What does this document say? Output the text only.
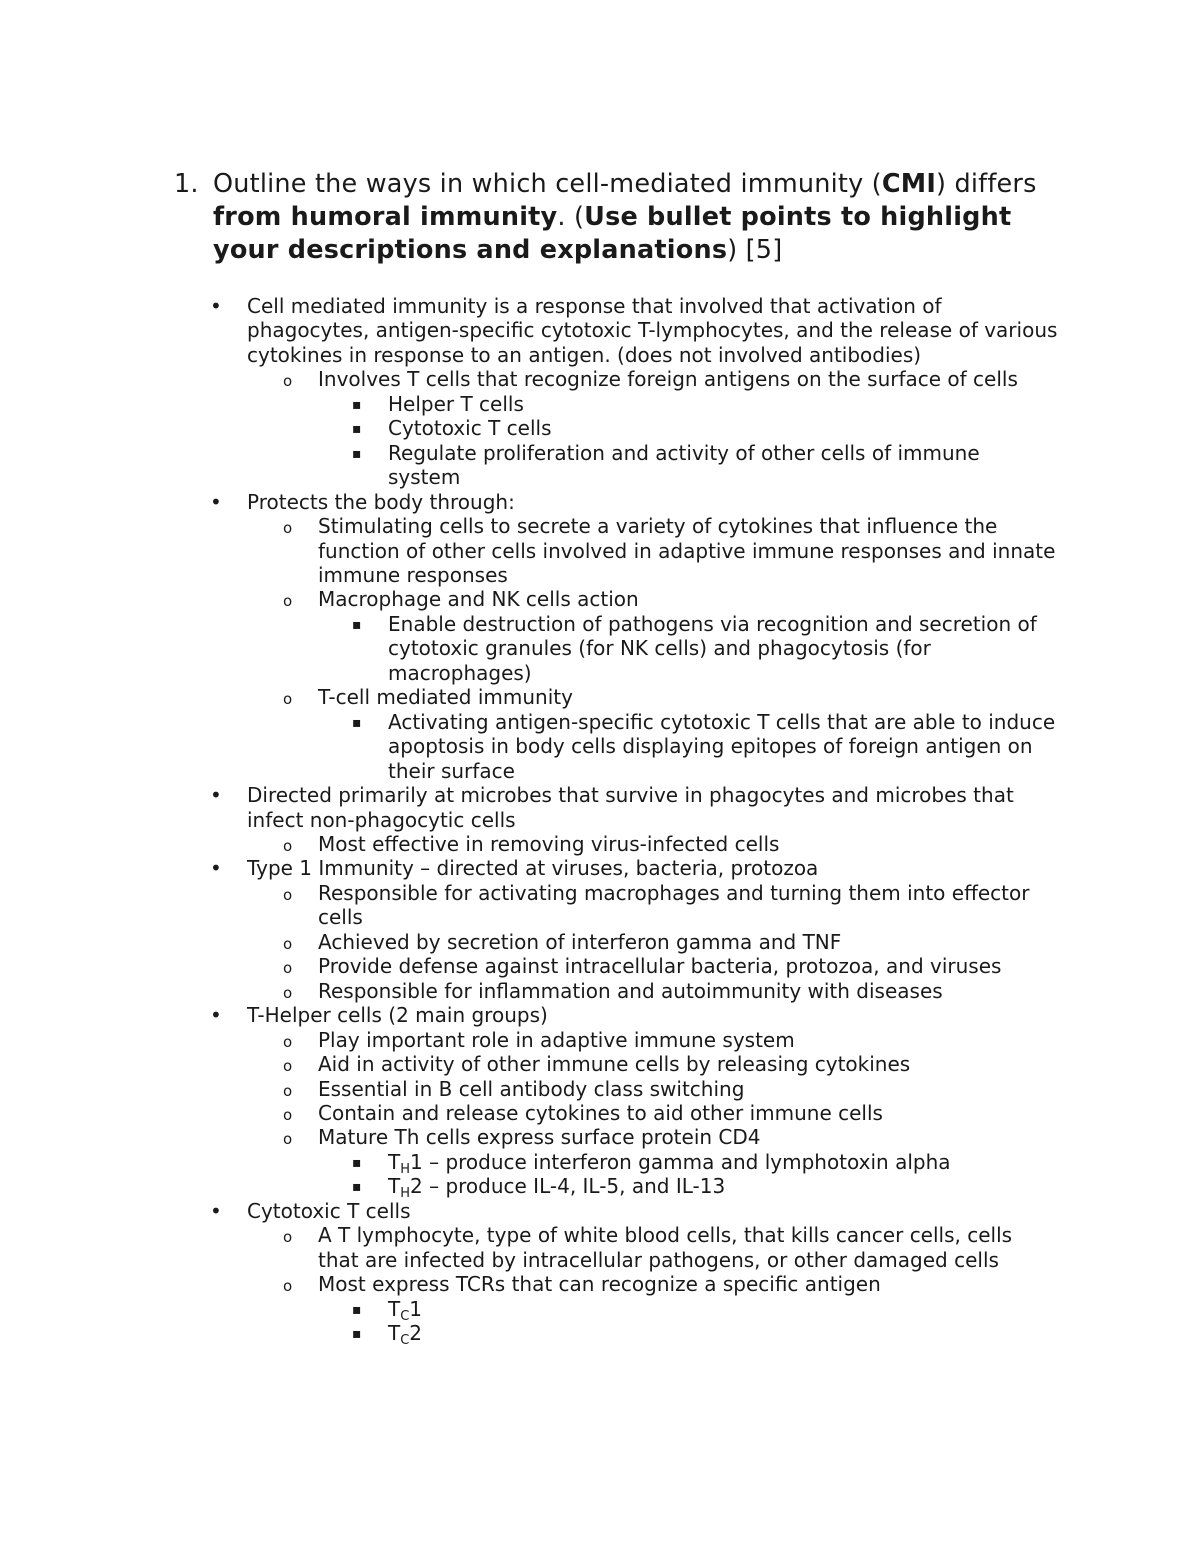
1. Outline the ways in which cell-mediated immunity (CMI) differs from humoral immunity. (Use bullet points to highlight your descriptions and explanations) [5]

• Cell mediated immunity is a response that involved that activation of phagocytes, antigen-specific cytotoxic T-lymphocytes, and the release of various cytokines in response to an antigen. (does not involved antibodies)

o Involves T cells that recognize foreign antigens on the surface of cells

▪ Helper T cells

▪ Cytotoxic T cells

▪ Regulate proliferation and activity of other cells of immune system

• Protects the body through:

o Stimulating cells to secrete a variety of cytokines that influence the function of other cells involved in adaptive immune responses and innate immune responses

o Macrophage and NK cells action

▪ Enable destruction of pathogens via recognition and secretion of cytotoxic granules (for NK cells) and phagocytosis (for macrophages)

o T-cell mediated immunity

▪ Activating antigen-specific cytotoxic T cells that are able to induce apoptosis in body cells displaying epitopes of foreign antigen on their surface

• Directed primarily at microbes that survive in phagocytes and microbes that infect non-phagocytic cells

o Most effective in removing virus-infected cells

• Type 1 Immunity – directed at viruses, bacteria, protozoa

o Responsible for activating macrophages and turning them into effector cells

o Achieved by secretion of interferon gamma and TNF

o Provide defense against intracellular bacteria, protozoa, and viruses

o Responsible for inflammation and autoimmunity with diseases

• T-Helper cells (2 main groups)

o Play important role in adaptive immune system

o Aid in activity of other immune cells by releasing cytokines

o Essential in B cell antibody class switching

o Contain and release cytokines to aid other immune cells

o Mature Th cells express surface protein CD4

▪ $T_H1$ – produce interferon gamma and lymphotoxin alpha

▪ $T_H2$ – produce IL-4, IL-5, and IL-13

• Cytotoxic T cells

o A T lymphocyte, type of white blood cells, that kills cancer cells, cells that are infected by intracellular pathogens, or other damaged cells

o Most express TCRs that can recognize a specific antigen

▪ $T_C1$

▪ $T_C2$
